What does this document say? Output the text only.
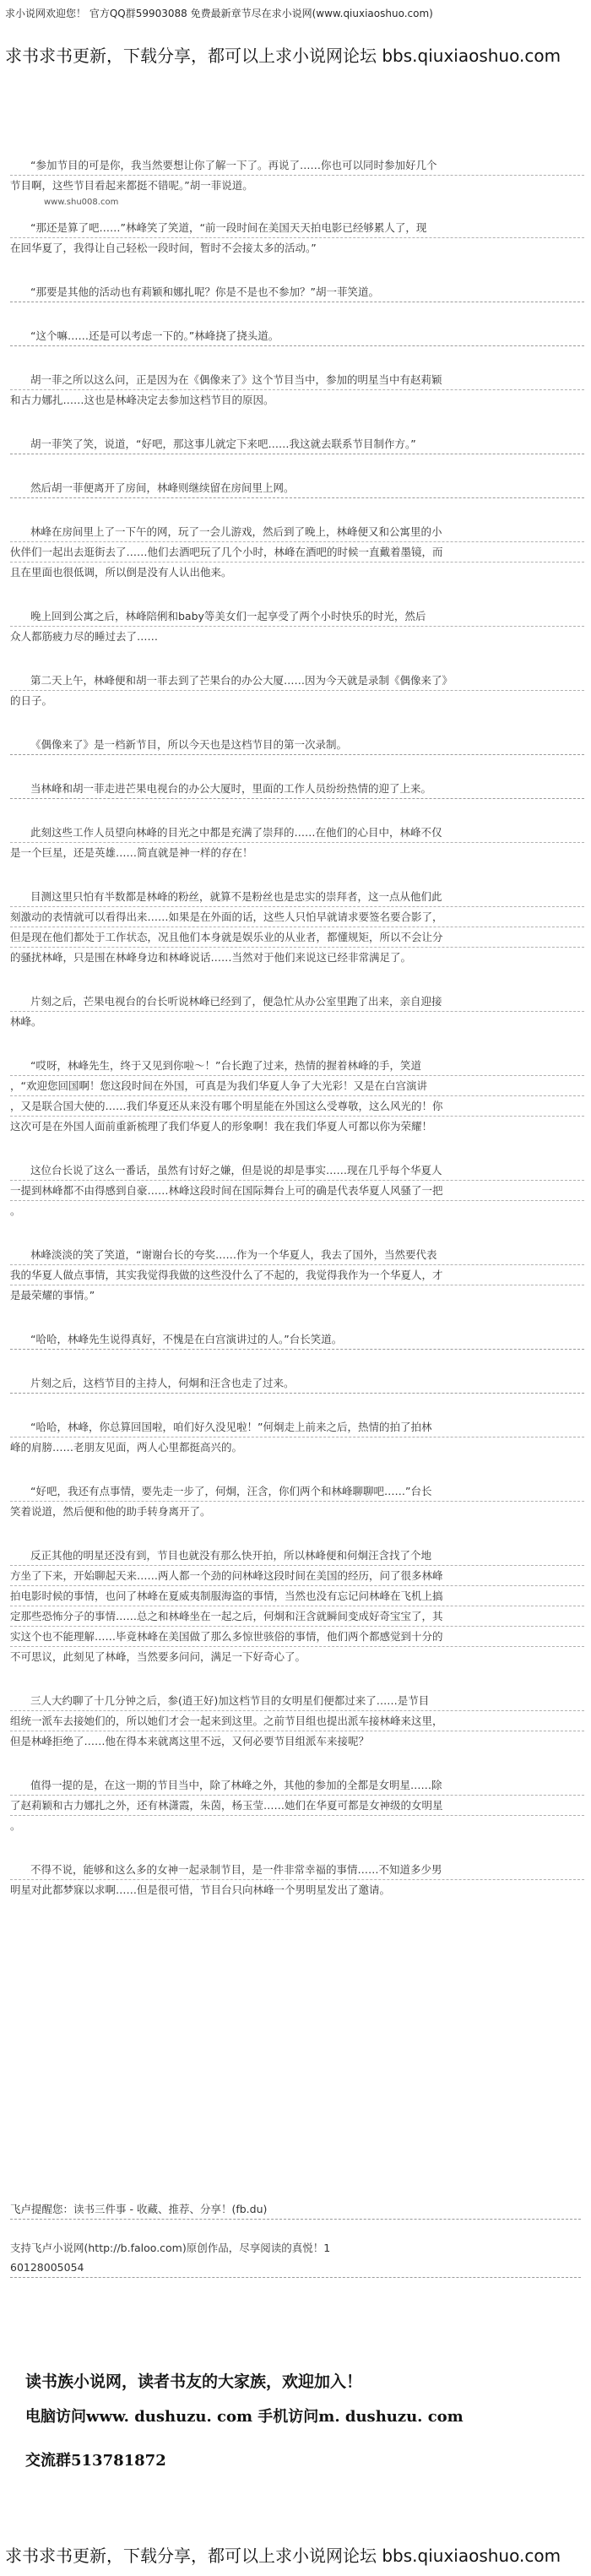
求小说网欢迎您！ 官方QQ群59903088 免费最新章节尽在求小说网(www.qiuxiaoshuo.com)
求书求书更新，下载分享，都可以上求小说网论坛 bbs.qiuxiaoshuo.com
“参加节目的可是你，我当然要想让你了解一下了。再说了……你也可以同时参加好几个
节目啊，这些节目看起来都挺不错呢。”胡一菲说道。
www.shu008.com
“那还是算了吧……”林峰笑了笑道，“前一段时间在美国天天拍电影已经够累人了，现
在回华夏了，我得让自己轻松一段时间，暂时不会接太多的活动。”
“那要是其他的活动也有莉颖和娜扎呢？你是不是也不参加？”胡一菲笑道。
“这个嘛……还是可以考虑一下的。”林峰挠了挠头道。
胡一菲之所以这么问，正是因为在《偶像来了》这个节目当中，参加的明星当中有赵莉颖
和古力娜扎……这也是林峰决定去参加这档节目的原因。
胡一菲笑了笑，说道，“好吧，那这事儿就定下来吧……我这就去联系节目制作方。”
然后胡一菲便离开了房间，林峰则继续留在房间里上网。
林峰在房间里上了一下午的网，玩了一会儿游戏，然后到了晚上，林峰便又和公寓里的小
伙伴们一起出去逛街去了……他们去酒吧玩了几个小时，林峰在酒吧的时候一直戴着墨镜，而
且在里面也很低调，所以倒是没有人认出他来。
晚上回到公寓之后，林峰陪俐和baby等美女们一起享受了两个小时快乐的时光，然后
众人都筋疲力尽的睡过去了……
第二天上午，林峰便和胡一菲去到了芒果台的办公大厦……因为今天就是录制《偶像来了》
的日子。
《偶像来了》是一档新节目，所以今天也是这档节目的第一次录制。
当林峰和胡一菲走进芒果电视台的办公大厦时，里面的工作人员纷纷热情的迎了上来。
此刻这些工作人员望向林峰的目光之中都是充满了崇拜的……在他们的心目中，林峰不仅
是一个巨星，还是英雄……简直就是神一样的存在！
目测这里只怕有半数都是林峰的粉丝，就算不是粉丝也是忠实的崇拜者，这一点从他们此
刻激动的表情就可以看得出来……如果是在外面的话，这些人只怕早就请求要签名要合影了，
但是现在他们都处于工作状态，况且他们本身就是娱乐业的从业者，都懂规矩，所以不会让分
的骚扰林峰，只是围在林峰身边和林峰说话……当然对于他们来说这已经非常满足了。
片刻之后，芒果电视台的台长听说林峰已经到了，便急忙从办公室里跑了出来，亲自迎接
林峰。
“哎呀，林峰先生，终于又见到你啦～！”台长跑了过来，热情的握着林峰的手，笑道
，“欢迎您回国啊！您这段时间在外国，可真是为我们华夏人争了大光彩！又是在白宫演讲
，又是联合国大使的……我们华夏还从来没有哪个明星能在外国这么受尊敬，这么风光的！你
这次可是在外国人面前重新梳理了我们华夏人的形象啊！我在我们华夏人可都以你为荣耀！
这位台长说了这么一番话，虽然有讨好之嫌，但是说的却是事实……现在几乎每个华夏人
一提到林峰都不由得感到自豪……林峰这段时间在国际舞台上可的确是代表华夏人风骚了一把
。
林峰淡淡的笑了笑道，“谢谢台长的夸奖……作为一个华夏人，我去了国外，当然要代表
我的华夏人做点事情，其实我觉得我做的这些没什么了不起的，我觉得我作为一个华夏人，才
是最荣耀的事情。”
“哈哈，林峰先生说得真好，不愧是在白宫演讲过的人。”台长笑道。
片刻之后，这档节目的主持人，何炯和汪含也走了过来。
“哈哈，林峰，你总算回国啦，咱们好久没见啦！”何炯走上前来之后，热情的拍了拍林
峰的肩膀……老朋友见面，两人心里都挺高兴的。
“好吧，我还有点事情，要先走一步了，何炯，汪含，你们两个和林峰聊聊吧……”台长
笑着说道，然后便和他的助手转身离开了。
反正其他的明星还没有到，节目也就没有那么快开拍，所以林峰便和何炯汪含找了个地
方坐了下来，开始聊起天来……两人都一个劲的问林峰这段时间在美国的经历，问了很多林峰
拍电影时候的事情，也问了林峰在夏威夷制服海盗的事情，当然也没有忘记问林峰在飞机上搞
定那些恐怖分子的事情……总之和林峰坐在一起之后，何炯和汪含就瞬间变成好奇宝宝了，其
实这个也不能理解……毕竟林峰在美国做了那么多惊世骇俗的事情，他们两个都感觉到十分的
不可思议，此刻见了林峰，当然要多问问，满足一下好奇心了。
三人大约聊了十几分钟之后，参(逍王好)加这档节目的女明星们便都过来了……是节目
组统一派车去接她们的，所以她们才会一起来到这里。之前节目组也提出派车接林峰来这里，
但是林峰拒绝了……他在得本来就离这里不远，又何必要节目组派车来接呢？
值得一提的是，在这一期的节目当中，除了林峰之外，其他的参加的全都是女明星……除
了赵莉颖和古力娜扎之外，还有林潇霞，朱茵，杨玉莹……她们在华夏可都是女神级的女明星
。
不得不说，能够和这么多的女神一起录制节目，是一件非常幸福的事情……不知道多少男
明星对此都梦寐以求啊……但是很可惜，节目台只向林峰一个男明星发出了邀请。
飞卢提醒您：读书三件事 - 收藏、推荐、分享！(fb.du)
支持飞卢小说网(http://b.faloo.com)原创作品，尽享阅读的真悦！1
60128005054
读书族小说网，读者书友的大家族，欢迎加入！
电脑访问www. dushuzu. com 手机访问m. dushuzu. com
交流群513781872
求书求书更新，下载分享，都可以上求小说网论坛 bbs.qiuxiaoshuo.com
